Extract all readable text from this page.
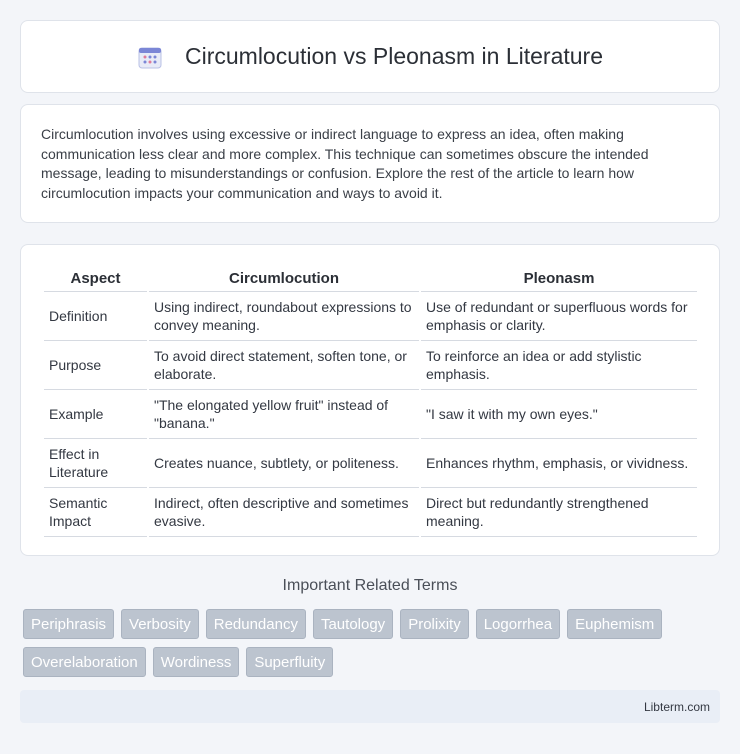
Circumlocution vs Pleonasm in Literature

Circumlocution involves using excessive or indirect language to express an idea, often making communication less clear and more complex. This technique can sometimes obscure the intended message, leading to misunderstandings or confusion. Explore the rest of the article to learn how circumlocution impacts your communication and ways to avoid it.

Aspect	Circumlocution	Pleonasm
Definition	Using indirect, roundabout expressions to convey meaning.	Use of redundant or superfluous words for emphasis or clarity.
Purpose	To avoid direct statement, soften tone, or elaborate.	To reinforce an idea or add stylistic emphasis.
Example	"The elongated yellow fruit" instead of "banana."	"I saw it with my own eyes."
Effect in Literature	Creates nuance, subtlety, or politeness.	Enhances rhythm, emphasis, or vividness.
Semantic Impact	Indirect, often descriptive and sometimes evasive.	Direct but redundantly strengthened meaning.
Important Related Terms
Periphrasis	Verbosity	Redundancy	Tautology	Prolixity	Logorrhea	Euphemism
Overelaboration	Wordiness	Superfluity
Libterm.com
